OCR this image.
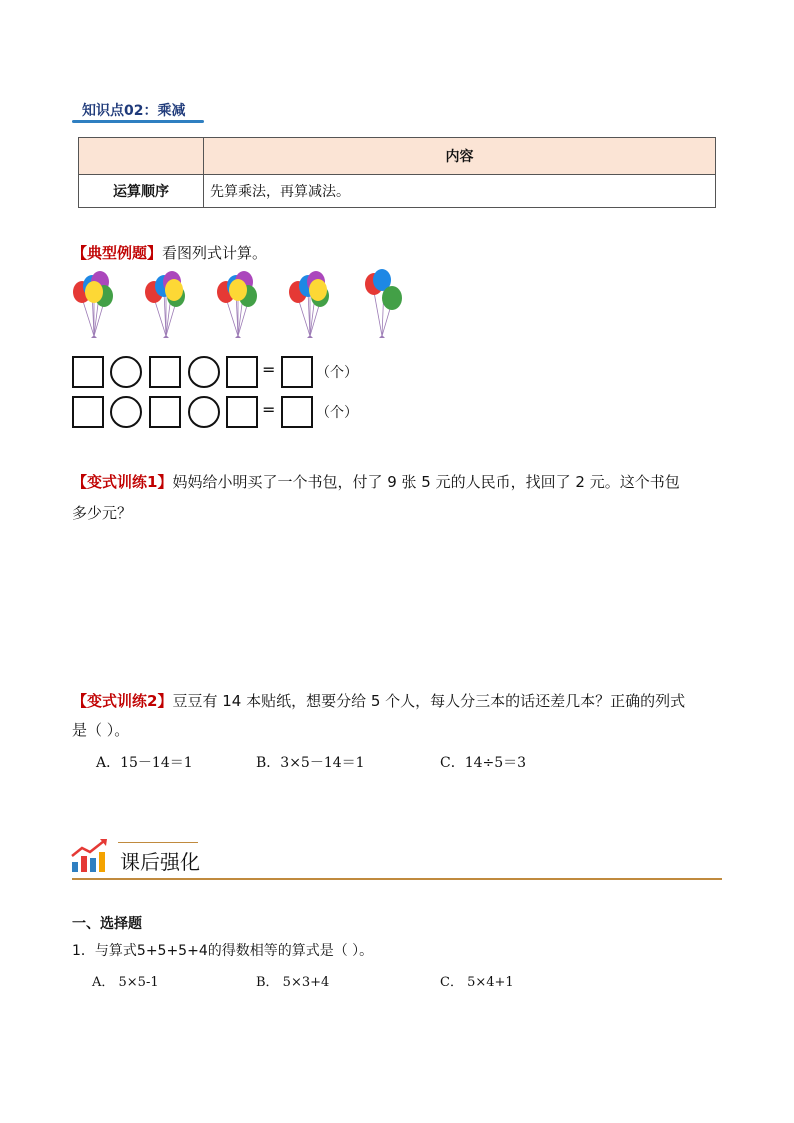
知识点02：乘减
	内容
运算顺序	先算乘法，再算减法。
【典型例题】看图列式计算。
=	（个）
=	（个）
【变式训练1】妈妈给小明买了一个书包，付了 9 张 5 元的人民币，找回了 2 元。这个书包
多少元？
【变式训练2】豆豆有 14 本贴纸，想要分给 5 个人，每人分三本的话还差几本？正确的列式
是（ ）。
A．15－14＝1	B．3×5－14＝1	C．14÷5＝3
课后强化
一、选择题
1．与算式5+5+5+4的得数相等的算式是（ ）。
A． 5×5-1	B． 5×3+4	C． 5×4+1
